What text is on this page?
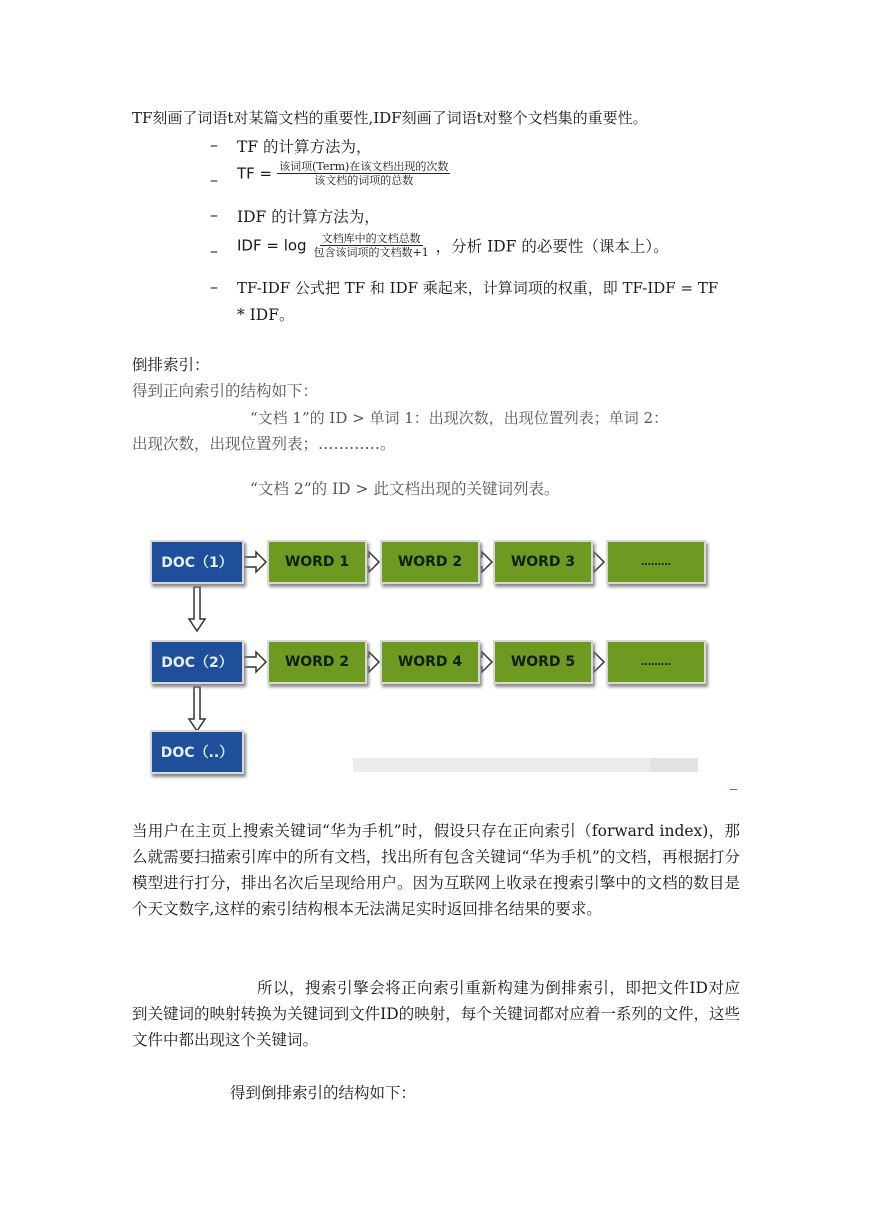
TF刻画了词语t对某篇文档的重要性,IDF刻画了词语t对整个文档集的重要性。
– TF 的计算方法为，
– TF = $\frac{\text{该词项(Term)在该文档出现的次数}}{\text{该文档的词项的总数}}$
– IDF 的计算方法为，
– IDF = $\log \frac{\text{文档库中的文档总数}}{\text{包含该词项的文档数+1}}$ ，分析 IDF 的必要性（课本上）。
– TF-IDF 公式把 TF 和 IDF 乘起来，计算词项的权重，即 TF-IDF = TF
* IDF。
倒排索引：
得到正向索引的结构如下：
“文档 1”的 ID > 单词 1：出现次数，出现位置列表；单词 2：
出现次数，出现位置列表；…………。
“文档 2”的 ID > 此文档出现的关键词列表。
DOC（1）	WORD 1	WORD 2	WORD 3	………
DOC（2）	WORD 2	WORD 4	WORD 5	………
DOC（..）
当用户在主页上搜索关键词“华为手机”时，假设只存在正向索引（forward index)，那么就需要扫描索引库中的所有文档，找出所有包含关键词“华为手机”的文档，再根据打分模型进行打分，排出名次后呈现给用户。因为互联网上收录在搜索引擎中的文档的数目是个天文数字,这样的索引结构根本无法满足实时返回排名结果的要求。
所以，搜索引擎会将正向索引重新构建为倒排索引，即把文件ID对应到关键词的映射转换为关键词到文件ID的映射，每个关键词都对应着一系列的文件，这些文件中都出现这个关键词。
得到倒排索引的结构如下：
